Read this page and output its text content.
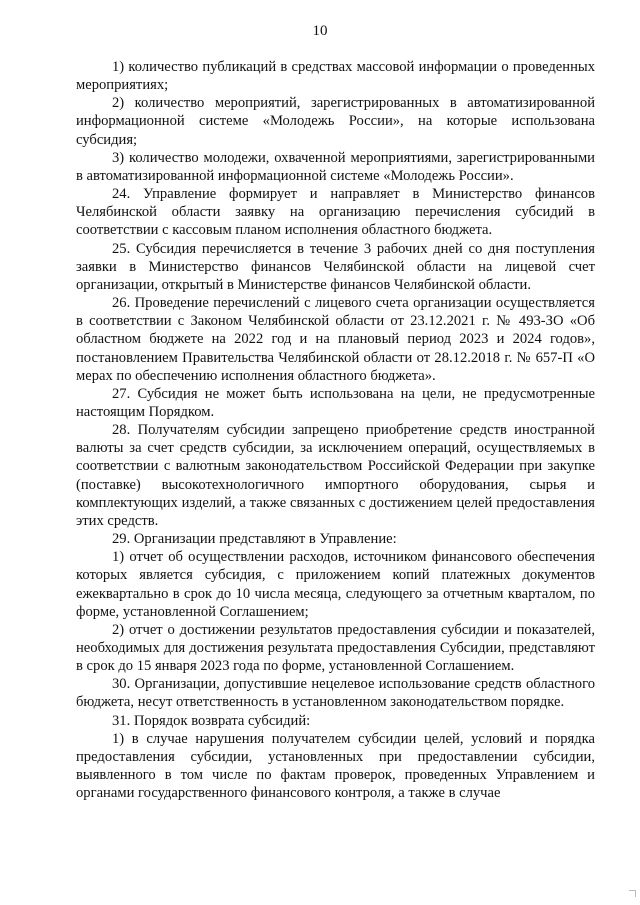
10

1) количество публикаций в средствах массовой информации о проведенных мероприятиях;

2) количество мероприятий, зарегистрированных в автоматизированной информационной системе «Молодежь России», на которые использована субсидия;

3) количество молодежи, охваченной мероприятиями, зарегистрированными в автоматизированной информационной системе «Молодежь России».

24. Управление формирует и направляет в Министерство финансов Челябинской области заявку на организацию перечисления субсидий в соответствии с кассовым планом исполнения областного бюджета.

25. Субсидия перечисляется в течение 3 рабочих дней со дня поступления заявки в Министерство финансов Челябинской области на лицевой счет организации, открытый в Министерстве финансов Челябинской области.

26. Проведение перечислений с лицевого счета организации осуществляется в соответствии с Законом Челябинской области от 23.12.2021 г. № 493-ЗО «Об областном бюджете на 2022 год и на плановый период 2023 и 2024 годов», постановлением Правительства Челябинской области от 28.12.2018 г. № 657-П «О мерах по обеспечению исполнения областного бюджета».

27. Субсидия не может быть использована на цели, не предусмотренные настоящим Порядком.

28. Получателям субсидии запрещено приобретение средств иностранной валюты за счет средств субсидии, за исключением операций, осуществляемых в соответствии с валютным законодательством Российской Федерации при закупке (поставке) высокотехнологичного импортного оборудования, сырья и комплектующих изделий, а также связанных с достижением целей предоставления этих средств.

29. Организации представляют в Управление:

1) отчет об осуществлении расходов, источником финансового обеспечения которых является субсидия, с приложением копий платежных документов ежеквартально в срок до 10 числа месяца, следующего за отчетным кварталом, по форме, установленной Соглашением;

2) отчет о достижении результатов предоставления субсидии и показателей, необходимых для достижения результата предоставления Субсидии, представляют в срок до 15 января 2023 года по форме, установленной Соглашением.

30. Организации, допустившие нецелевое использование средств областного бюджета, несут ответственность в установленном законодательством порядке.

31. Порядок возврата субсидий:

1) в случае нарушения получателем субсидии целей, условий и порядка предоставления субсидии, установленных при предоставлении субсидии, выявленного в том числе по фактам проверок, проведенных Управлением и органами государственного финансового контроля, а также в случае
